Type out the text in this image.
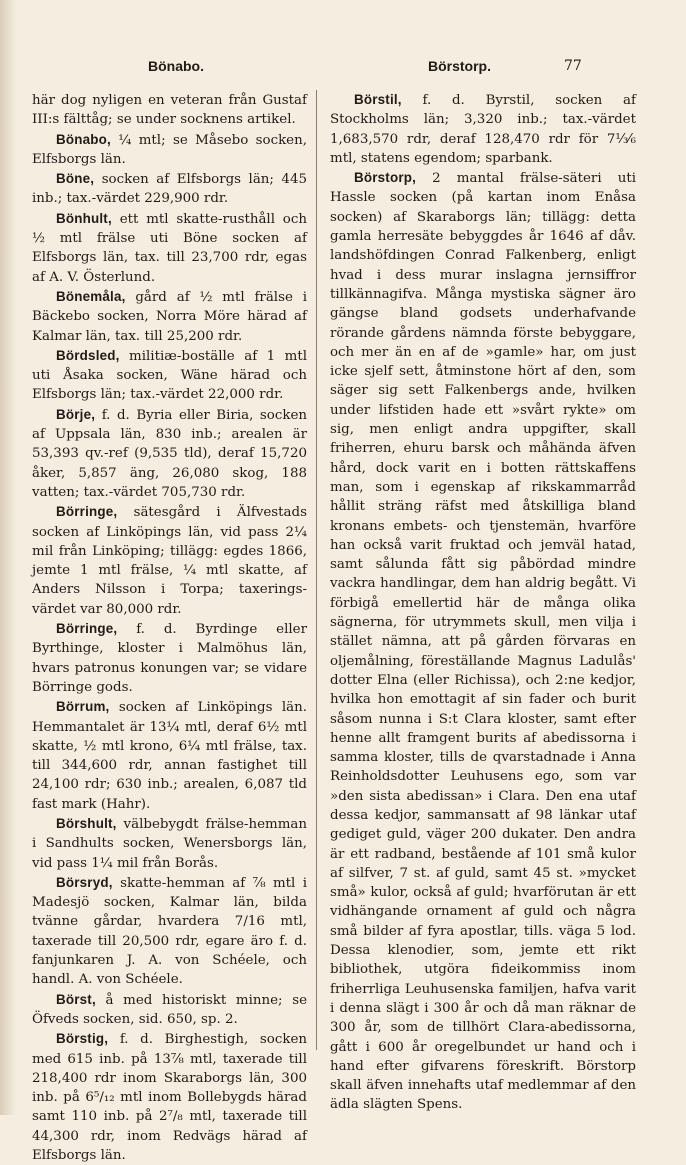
Bönabo.	Börstorp.	77

här dog nyligen en veteran från Gustaf III:s fälttåg; se under socknens artikel.

Bönabo, ¼ mtl; se Måsebo socken, Elfsborgs län.

Böne, socken af Elfsborgs län; 445 inb.; tax.-värdet 229,900 rdr.

Bönhult, ett mtl skatte-rusthåll och ½ mtl frälse uti Böne socken af Elfsborgs län, tax. till 23,700 rdr, egas af A. V. Österlund.

Bönemåla, gård af ½ mtl frälse i Bäckebo socken, Norra Möre härad af Kalmar län, tax. till 25,200 rdr.

Bördsled, militiæ-boställe af 1 mtl uti Åsaka socken, Wäne härad och Elfsborgs län; tax.-värdet 22,000 rdr.

Börje, f. d. Byria eller Biria, socken af Uppsala län, 830 inb.; arealen är 53,393 qv.-ref (9,535 tld), deraf 15,720 åker, 5,857 äng, 26,080 skog, 188 vatten; tax.-värdet 705,730 rdr.

Börringe, sätesgård i Älfvestads socken af Linköpings län, vid pass 2¼ mil från Linköping; tillägg: egdes 1866, jemte 1 mtl frälse, ¼ mtl skatte, af Anders Nilsson i Torpa; taxerings-värdet var 80,000 rdr.

Börringe, f. d. Byrdinge eller Byrthinge, kloster i Malmöhus län, hvars patronus konungen var; se vidare Börringe gods.

Börrum, socken af Linköpings län. Hemmantalet är 13¼ mtl, deraf 6½ mtl skatte, ½ mtl krono, 6¼ mtl frälse, tax. till 344,600 rdr, annan fastighet till 24,100 rdr; 630 inb.; arealen, 6,087 tld fast mark (Hahr).

Börshult, välbebygdt frälse-hemman i Sandhults socken, Wenersborgs län, vid pass 1¼ mil från Borås.

Börsryd, skatte-hemman af ⅞ mtl i Madesjö socken, Kalmar län, bilda tvänne gårdar, hvardera 7/16 mtl, taxerade till 20,500 rdr, egare äro f. d. fanjunkaren J. A. von Schéele, och handl. A. von Schéele.

Börst, å med historiskt minne; se Öfveds socken, sid. 650, sp. 2.

Börstig, f. d. Birghestigh, socken med 615 inb. på 13⅞ mtl, taxerade till 218,400 rdr inom Skaraborgs län, 300 inb. på 6⁵/₁₂ mtl inom Bollebygds härad samt 110 inb. på 2⁷/₈ mtl, taxerade till 44,300 rdr, inom Redvägs härad af Elfsborgs län.

Börstil, f. d. Byrstil, socken af Stockholms län; 3,320 inb.; tax.-värdet 1,683,570 rdr, deraf 128,470 rdr för 7⅓⁄₆ mtl, statens egendom; sparbank.

Börstorp, 2 mantal frälse-säteri uti Hassle socken (på kartan inom Enåsa socken) af Skaraborgs län; tillägg: detta gamla herresäte bebyggdes år 1646 af dåv. landshöfdingen Conrad Falkenberg, enligt hvad i dess murar inslagna jernsiffror tillkännagifva. Många mystiska sägner äro gängse bland godsets underhafvande rörande gårdens nämnda förste bebyggare, och mer än en af de »gamle» har, om just icke sjelf sett, åtminstone hört af den, som säger sig sett Falkenbergs ande, hvilken under lifstiden hade ett »svårt rykte» om sig, men enligt andra uppgifter, skall friherren, ehuru barsk och måhända äfven hård, dock varit en i botten rättskaffens man, som i egenskap af rikskammarråd hållit sträng räfst med åtskilliga bland kronans embets- och tjenstemän, hvarföre han också varit fruktad och jemväl hatad, samt sålunda fått sig påbördad mindre vackra handlingar, dem han aldrig begått. Vi förbigå emellertid här de många olika sägnerna, för utrymmets skull, men vilja i stället nämna, att på gården förvaras en oljemålning, föreställande Magnus Ladulås' dotter Elna (eller Richissa), och 2:ne kedjor, hvilka hon emottagit af sin fader och burit såsom nunna i S:t Clara kloster, samt efter henne allt framgent burits af abedissorna i samma kloster, tills de qvarstadnade i Anna Reinholdsdotter Leuhusens ego, som var »den sista abedissan» i Clara. Den ena utaf dessa kedjor, sammansatt af 98 länkar utaf gediget guld, väger 200 dukater. Den andra är ett radband, bestående af 101 små kulor af silfver, 7 st. af guld, samt 45 st. »mycket små» kulor, också af guld; hvarförutan är ett vidhängande ornament af guld och några små bilder af fyra apostlar, tills. väga 5 lod. Dessa klenodier, som, jemte ett rikt bibliothek, utgöra fideikommiss inom friherrliga Leuhusenska familjen, hafva varit i denna slägt i 300 år och då man räknar de 300 år, som de tillhört Clara-abedissorna, gått i 600 år oregelbundet ur hand och i hand efter gifvarens föreskrift. Börstorp skall äfven innehafts utaf medlemmar af den ädla slägten Spens.
